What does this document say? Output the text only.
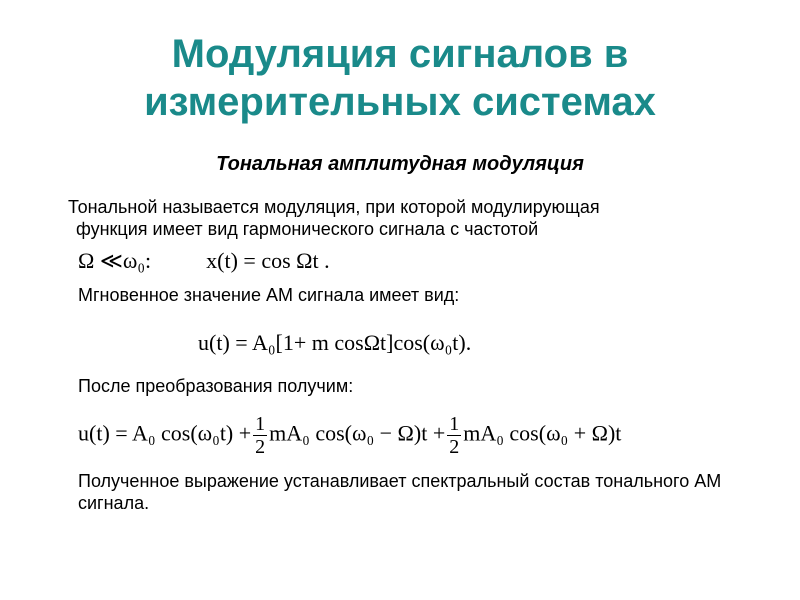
Модуляция сигналов в
измерительных системах
Тональная амплитудная модуляция
Тональной называется модуляция, при которой модулирующая
функция имеет вид гармонического сигнала с частотой
Ω ≪ω₀:	x(t) = cos Ωt .
Мгновенное значение АМ сигнала имеет вид:
u(t) = A₀[1+ m cosΩt]cos(ω₀t).
После преобразования получим:
u(t) = A₀ $\cos(\omega_0t) + \frac{1}{2} mA_0$ $\cos(\omega_0 - \Omega)t + \frac{1}{2} mA_0$ cos(ω₀ + Ω)t
Полученное выражение устанавливает спектральный состав тонального АМ сигнала.
